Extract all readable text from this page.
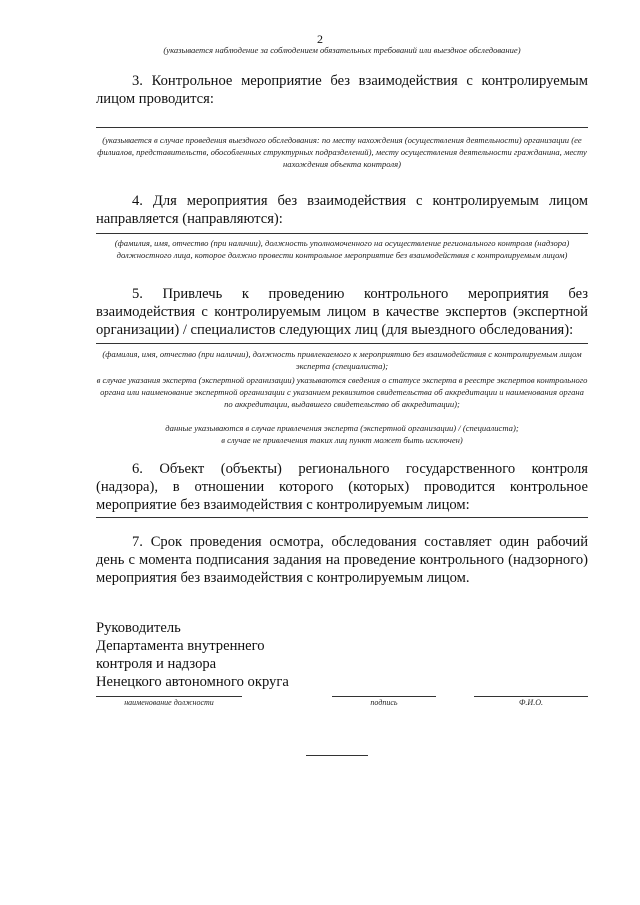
2
(указывается наблюдение за соблюдением обязательных требований или выездное обследование)

3. Контрольное мероприятие без взаимодействия с контролируемым лицом проводится:

(указывается в случае проведения выездного обследования: по месту нахождения (осуществления деятельности) организации (ее филиалов, представительств, обособленных структурных подразделений), месту осуществления деятельности гражданина, месту нахождения объекта контроля)

4. Для мероприятия без взаимодействия с контролируемым лицом направляется (направляются):

(фамилия, имя, отчество (при наличии), должность уполномоченного на осуществление регионального контроля (надзора) должностного лица, которое должно провести контрольное мероприятие без взаимодействия с контролируемым лицом)

5. Привлечь к проведению контрольного мероприятия без взаимодействия с контролируемым лицом в качестве экспертов (экспертной организации) / специалистов следующих лиц (для выездного обследования):

(фамилия, имя, отчество (при наличии), должность привлекаемого к мероприятию без взаимодействия с контролируемым лицом эксперта (специалиста);
в случае указания эксперта (экспертной организации) указываются сведения о статусе эксперта в реестре экспертов контрольного органа или наименование экспертной организации с указанием реквизитов свидетельства об аккредитации и наименования органа по аккредитации, выдавшего свидетельство об аккредитации);
данные указываются в случае привлечения эксперта (экспертной организации) / (специалиста);
в случае не привлечения таких лиц пункт может быть исключен)

6. Объект (объекты) регионального государственного контроля (надзора), в отношении которого (которых) проводится контрольное мероприятие без взаимодействия с контролируемым лицом:

7. Срок проведения осмотра, обследования составляет один рабочий день с момента подписания задания на проведение контрольного (надзорного) мероприятия без взаимодействия с контролируемым лицом.

Руководитель
Департамента внутреннего
контроля и надзора
Ненецкого автономного округа
наименование должности	подпись	Ф.И.О.
